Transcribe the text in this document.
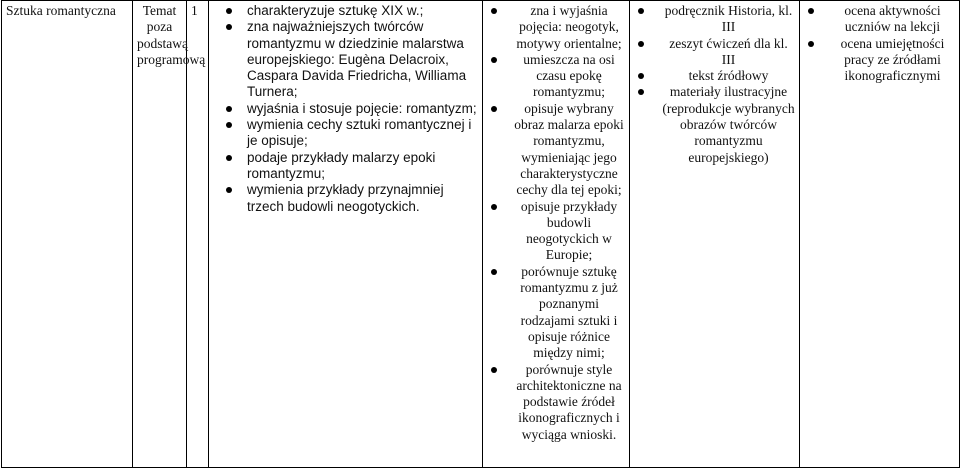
Sztuka romantyczna	Temat poza podstawą programową	1	charakteryzuje sztukę XIX w.;
zna najważniejszych twórców romantyzmu w dziedzinie malarstwa europejskiego: Eugèna Delacroix, Caspara Davida Friedricha, Williama Turnera;
wyjaśnia i stosuje pojęcie: romantyzm;
wymienia cechy sztuki romantycznej i je opisuje;
podaje przykłady malarzy epoki romantyzmu;
wymienia przykłady przynajmniej trzech budowli neogotyckich.

zna i wyjaśnia pojęcia: neogotyk, motywy orientalne;
umieszcza na osi czasu epokę romantyzmu;
opisuje wybrany obraz malarza epoki romantyzmu, wymieniając jego charakterystyczne cechy dla tej epoki;
opisuje przykłady budowli neogotyckich w Europie;
porównuje sztukę romantyzmu z już poznanymi rodzajami sztuki i opisuje różnice między nimi;
porównuje style architektoniczne na podstawie źródeł ikonograficznych i wyciąga wnioski.

podręcznik Historia, kl. III
zeszyt ćwiczeń dla kl. III
tekst źródłowy
materiały ilustracyjne (reprodukcje wybranych obrazów twórców romantyzmu europejskiego)

ocena aktywności uczniów na lekcji
ocena umiejętności pracy ze źródłami ikonograficznymi
